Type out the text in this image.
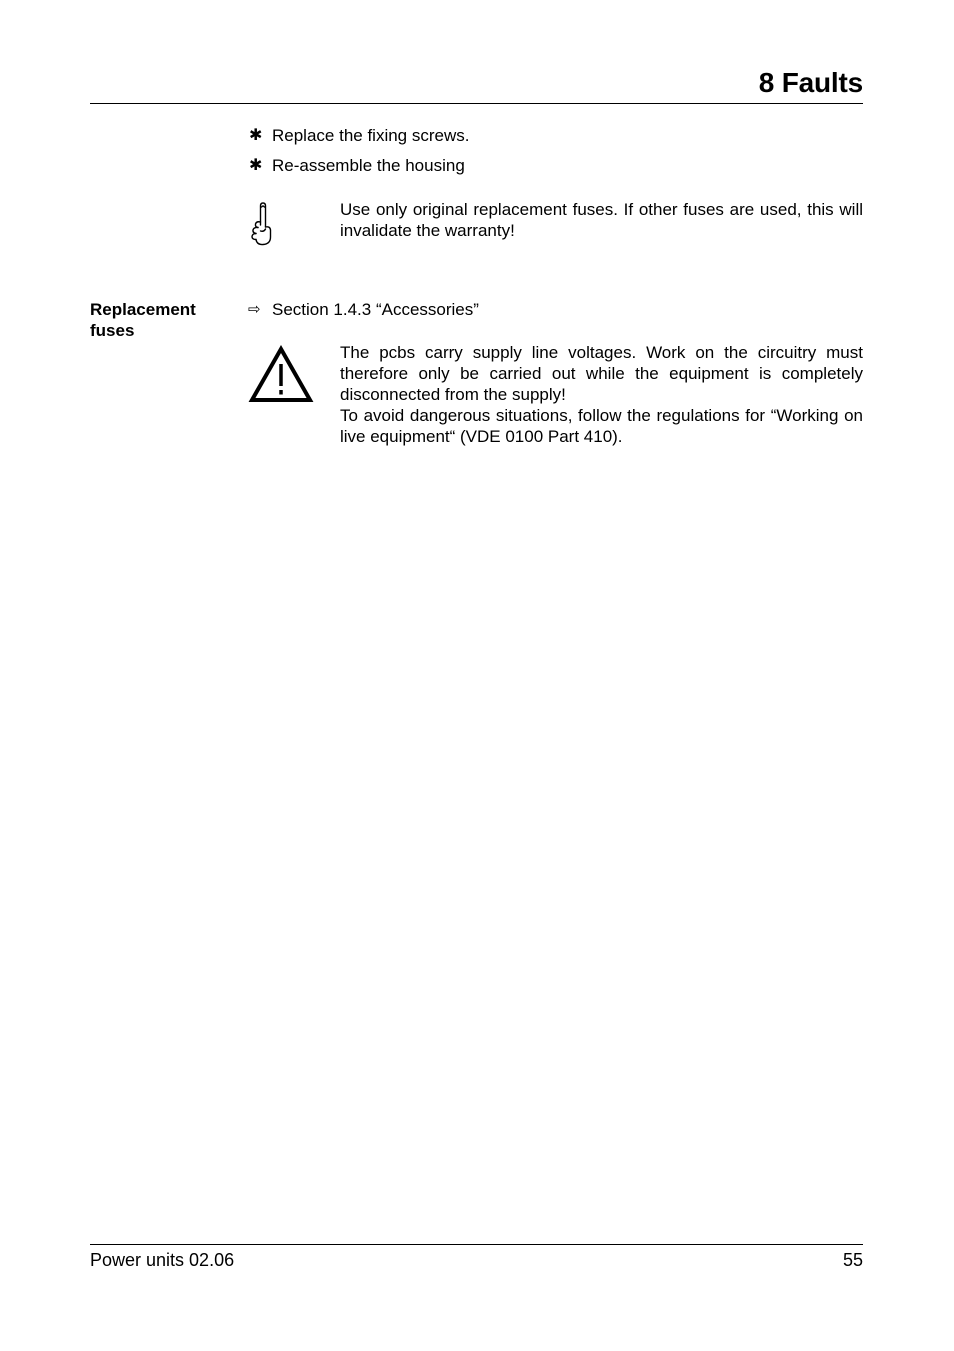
8 Faults
✱ Replace the fixing screws.
✱ Re-assemble the housing
Use only original replacement fuses. If other fuses are used, this will invalidate the warranty!
Replacement
fuses
⇨ Section 1.4.3 “Accessories”
The pcbs carry supply line voltages. Work on the circuitry must therefore only be carried out while the equipment is completely disconnected from the supply!
To avoid dangerous situations, follow the regulations for “Working on live equipment“ (VDE 0100 Part 410).
Power units 02.06	55
